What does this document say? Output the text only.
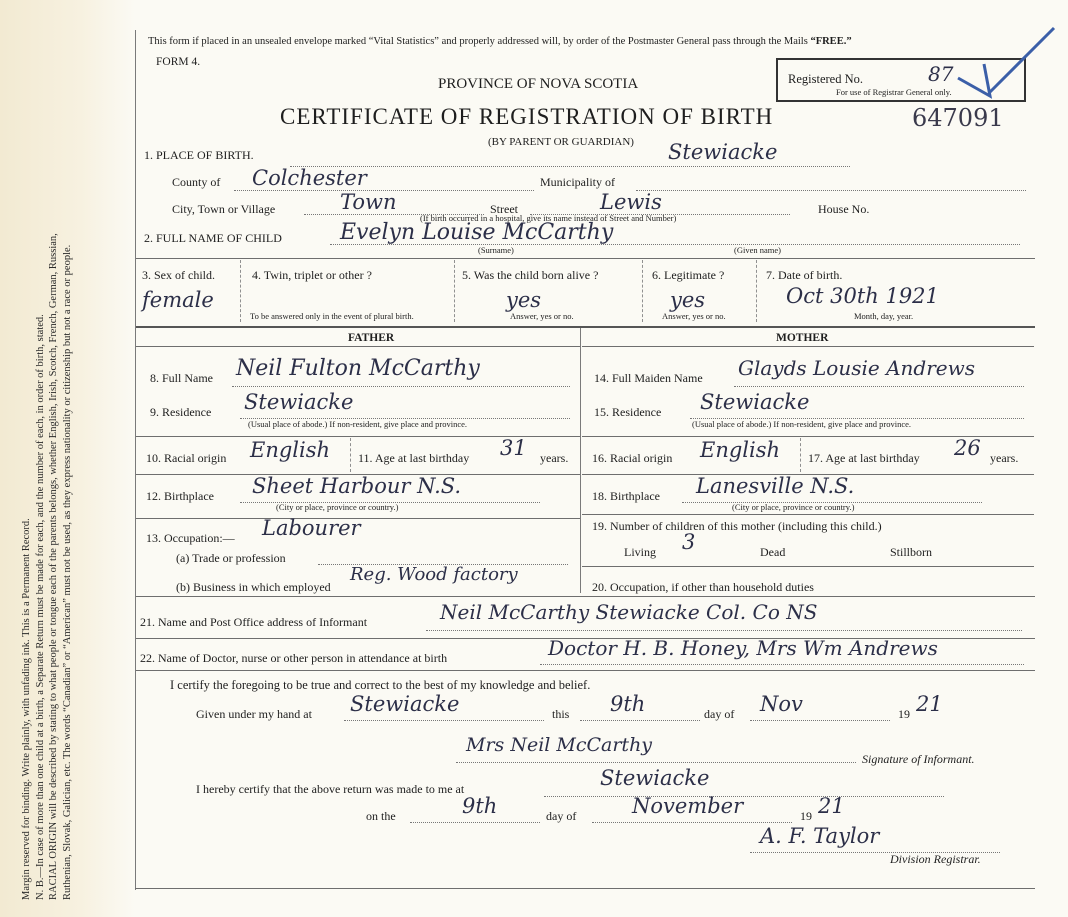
Margin reserved for binding. Write plainly, with unfading ink. This is a Permanent Record. N. B.—In case of more than one child at a birth, a Separate Return must be made for each, and the number of each, in order of birth, stated. RACIAL ORIGIN will be described by stating to what people or tongue each of the parents belongs, whether English, Irish, Scotch, French, German, Russian, Ruthenian, Slovak, Galician, etc. The words “Canadian” or “American” must not be used, as they express nationality or citizenship but not a race or people.
This form if placed in an unsealed envelope marked “Vital Statistics” and properly addressed will, by order of the Postmaster General pass through the Mails “FREE.”
FORM 4.
PROVINCE OF NOVA SCOTIA
CERTIFICATE OF REGISTRATION OF BIRTH
(BY PARENT OR GUARDIAN)
Registered No.	87
For use of Registrar General only.
647091
1. PLACE OF BIRTH.	Stewiacke
County of Colchester	Municipality of
City, Town or Village	Town	Street	Lewis	House No.
(If birth occurred in a hospital, give its name instead of Street and Number)
2. FULL NAME OF CHILD	Evelyn Louise McCarthy
(Surname)	(Given name)
3. Sex of child.
female
4. Twin, triplet or other ?
To be answered only in the event of plural birth.
5. Was the child born alive ?
yes
Answer, yes or no.
6. Legitimate ?
yes
Answer, yes or no.
7. Date of birth.
Oct 30th 1921
Month, day, year.
FATHER	MOTHER
8. Full Name Neil Fulton McCarthy
9. Residence Stewiacke
(Usual place of abode.) If non-resident, give place and province.
10. Racial origin English 11. Age at last birthday 31 years.
12. Birthplace Sheet Harbour N.S.
(City or place, province or country.)
13. Occupation:— Labourer
(a) Trade or profession
(b) Business in which employed
Reg. Wood factory
14. Full Maiden Name Glayds Lousie Andrews
15. Residence Stewiacke
(Usual place of abode.) If non-resident, give place and province.
16. Racial origin English 17. Age at last birthday 26 years.
18. Birthplace Lanesville N.S.
(City or place, province or country.)
19. Number of children of this mother (including this child.)
Living 3	Dead	Stillborn
20. Occupation, if other than household duties
21. Name and Post Office address of Informant	Neil McCarthy Stewiacke Col. Co NS
22. Name of Doctor, nurse or other person in attendance at birth	Doctor H. B. Honey, Mrs Wm Andrews
I certify the foregoing to be true and correct to the best of my knowledge and belief.
Given under my hand at Stewiacke	this 9th	day of Nov	19 21
Mrs Neil McCarthy
Signature of Informant.
I hereby certify that the above return was made to me at	Stewiacke
on the	9th	day of	November	19 21
A. F. Taylor
Division Registrar.
